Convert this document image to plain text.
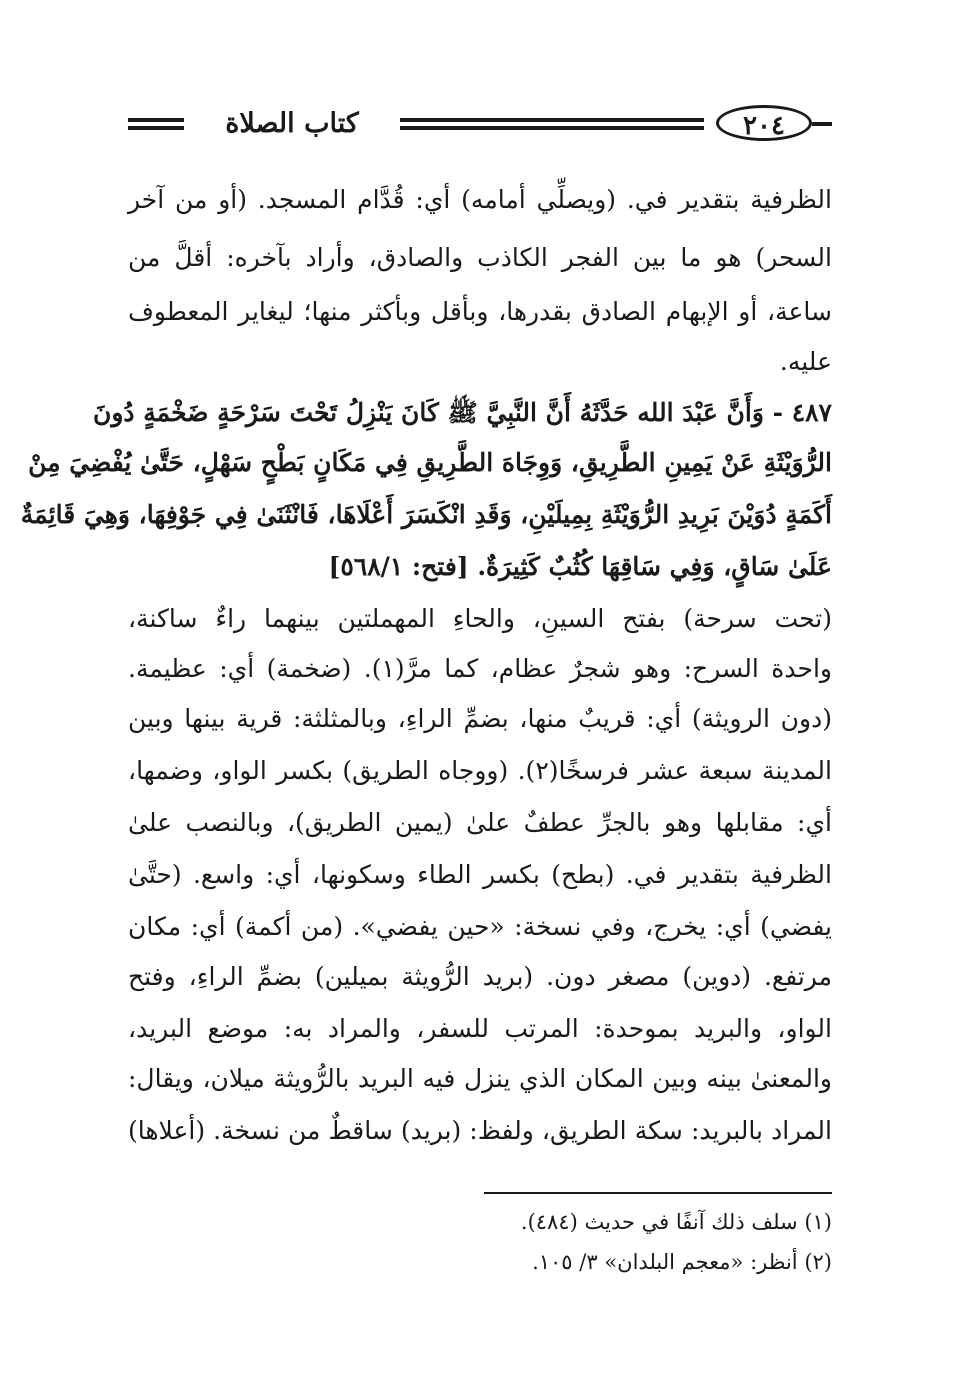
كتاب الصلاة	٢٠٤
الظرفية بتقدير في. (ويصلِّي أمامه) أي: قُدَّام المسجد. (أو من آخر
السحر) هو ما بين الفجر الكاذب والصادق، وأراد بآخره: أقلَّ من
ساعة، أو الإبهام الصادق بقدرها، وبأقل وبأكثر منها؛ ليغاير المعطوف
عليه.
٤٨٧ - وَأَنَّ عَبْدَ الله حَدَّثَهُ أَنَّ النَّبِيَّ ﷺ كَانَ يَنْزِلُ تَحْتَ سَرْحَةٍ ضَخْمَةٍ دُونَ
الرُّوَيْثَةِ عَنْ يَمِينِ الطَّرِيقِ، وَوِجَاهَ الطَّرِيقِ فِي مَكَانٍ بَطْحٍ سَهْلٍ، حَتَّىٰ يُفْضِيَ مِنْ
أَكَمَةٍ دُوَيْنَ بَرِيدِ الرُّوَيْثَةِ بِمِيلَيْنِ، وَقَدِ انْكَسَرَ أَعْلَاهَا، فَانْثَنَىٰ فِي جَوْفِهَا، وَهِيَ قَائِمَةٌ
عَلَىٰ سَاقٍ، وَفِي سَاقِهَا كُثُبٌ كَثِيرَةٌ. [فتح: ٥٦٨/١]
(تحت سرحة) بفتح السينِ، والحاءِ المهملتين بينهما راءٌ ساكنة،
واحدة السرح: وهو شجرٌ عظام، كما مرَّ(١). (ضخمة) أي: عظيمة.
(دون الرويثة) أي: قريبٌ منها، بضمِّ الراءِ، وبالمثلثة: قرية بينها وبين
المدينة سبعة عشر فرسخًا(٢). (ووجاه الطريق) بكسر الواو، وضمها،
أي: مقابلها وهو بالجرِّ عطفٌ علىٰ (يمين الطريق)، وبالنصب علىٰ
الظرفية بتقدير في. (بطح) بكسر الطاء وسكونها، أي: واسع. (حتَّىٰ
يفضي) أي: يخرج، وفي نسخة: «حين يفضي». (من أكمة) أي: مكان
مرتفع. (دوين) مصغر دون. (بريد الرُّويثة بميلين) بضمِّ الراءِ، وفتح
الواو، والبريد بموحدة: المرتب للسفر، والمراد به: موضع البريد،
والمعنىٰ بينه وبين المكان الذي ينزل فيه البريد بالرُّويثة ميلان، ويقال:
المراد بالبريد: سكة الطريق، ولفظ: (بريد) ساقطٌ من نسخة. (أعلاها)
(١) سلف ذلك آنفًا في حديث (٤٨٤).
(٢) أنظر: «معجم البلدان» ٣/ ١٠٥.
